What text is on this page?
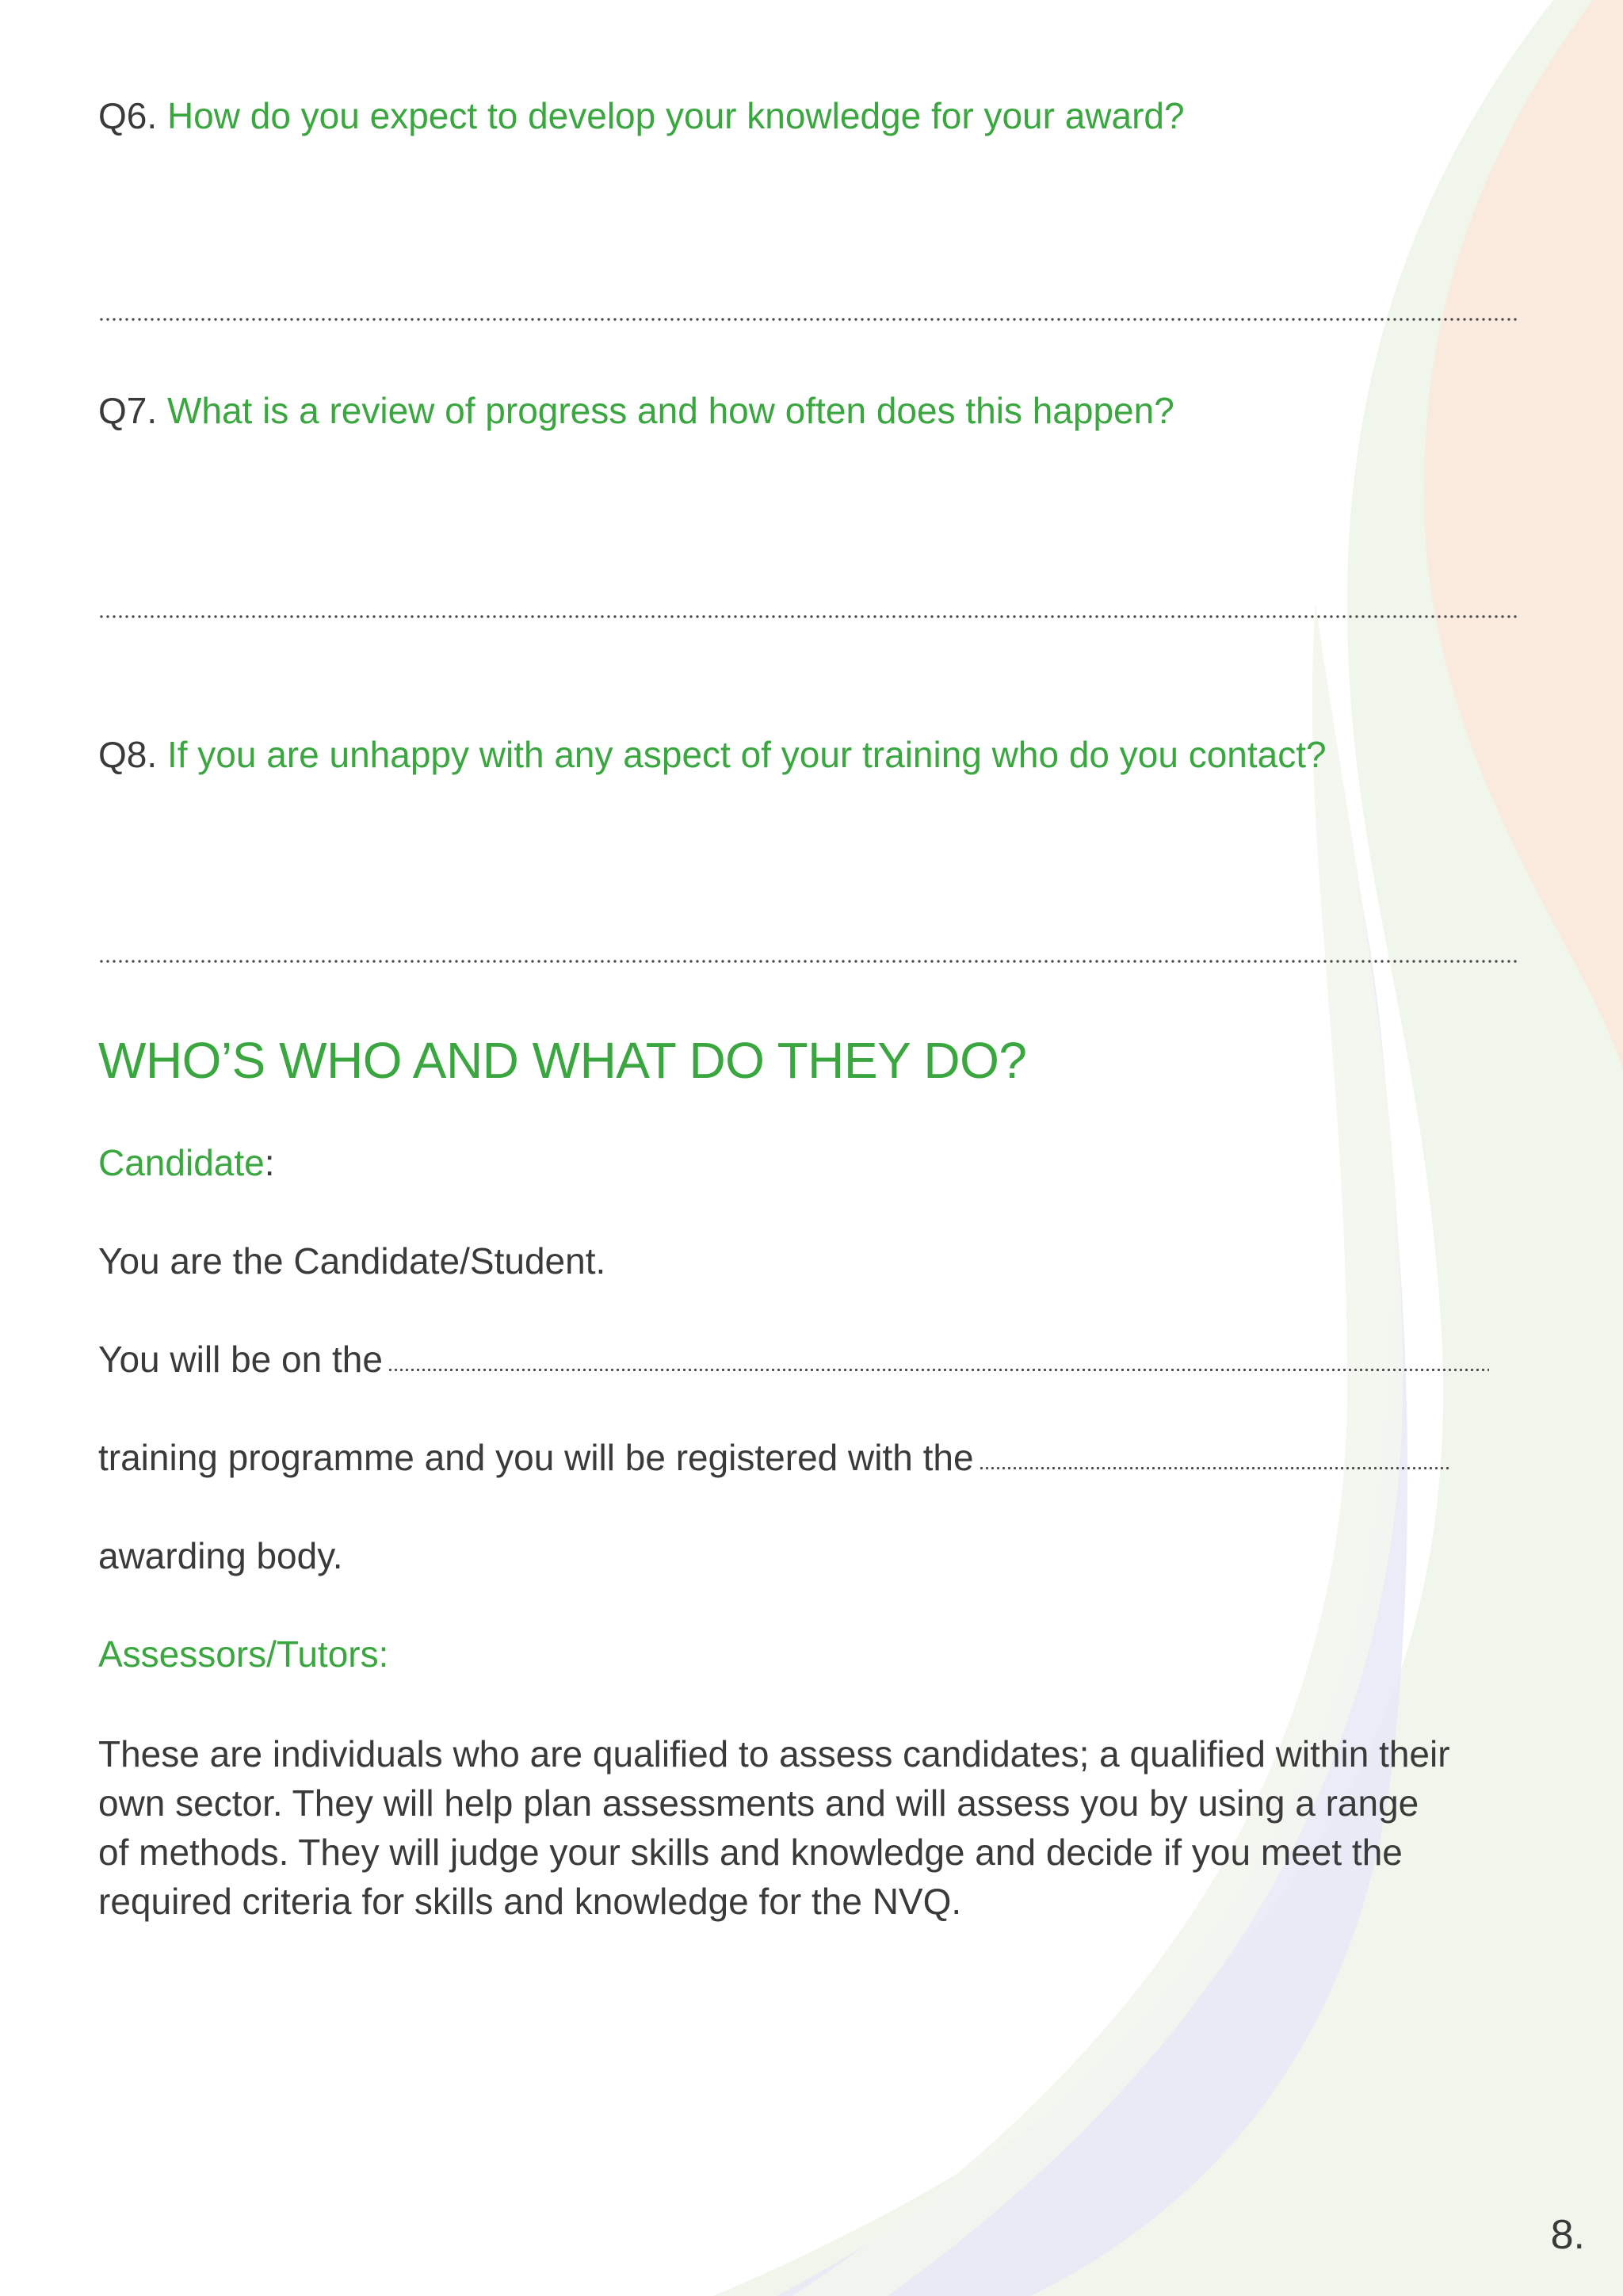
Q6. How do you expect to develop your knowledge for your award?
Q7. What is a review of progress and how often does this happen?
Q8. If you are unhappy with any aspect of your training who do you contact?
WHO’S WHO AND WHAT DO THEY DO?
Candidate:
You are the Candidate/Student.
You will be on the
training programme and you will be registered with the
awarding body.
Assessors/Tutors:
These are individuals who are qualified to assess candidates; a qualified within their
own sector. They will help plan assessments and will assess you by using a range
of methods. They will judge your skills and knowledge and decide if you meet the
required criteria for skills and knowledge for the NVQ.
8.
